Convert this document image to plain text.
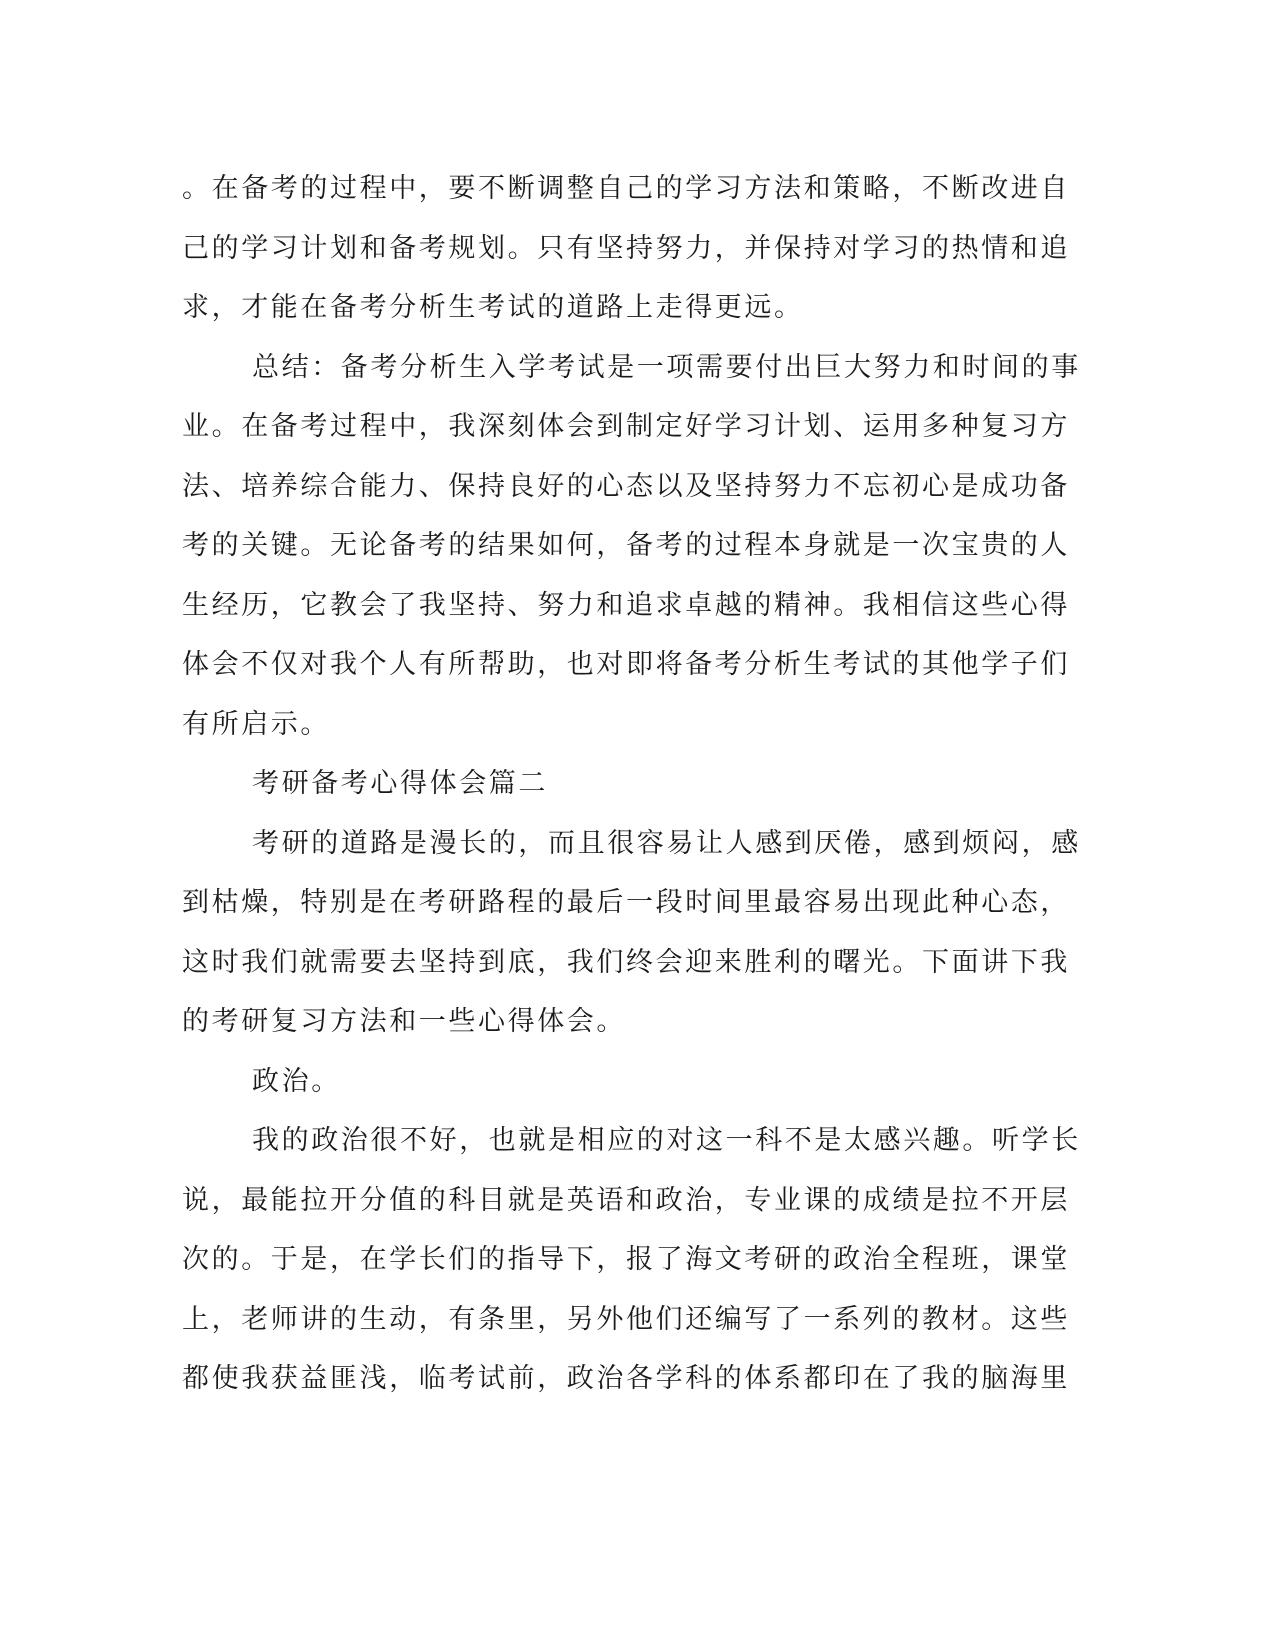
。在备考的过程中，要不断调整自己的学习方法和策略，不断改进自
己的学习计划和备考规划。只有坚持努力，并保持对学习的热情和追
求，才能在备考分析生考试的道路上走得更远。
总结：备考分析生入学考试是一项需要付出巨大努力和时间的事
业。在备考过程中，我深刻体会到制定好学习计划、运用多种复习方
法、培养综合能力、保持良好的心态以及坚持努力不忘初心是成功备
考的关键。无论备考的结果如何，备考的过程本身就是一次宝贵的人
生经历，它教会了我坚持、努力和追求卓越的精神。我相信这些心得
体会不仅对我个人有所帮助，也对即将备考分析生考试的其他学子们
有所启示。
考研备考心得体会篇二
考研的道路是漫长的，而且很容易让人感到厌倦，感到烦闷，感
到枯燥，特别是在考研路程的最后一段时间里最容易出现此种心态，
这时我们就需要去坚持到底，我们终会迎来胜利的曙光。下面讲下我
的考研复习方法和一些心得体会。
政治。
我的政治很不好，也就是相应的对这一科不是太感兴趣。听学长
说，最能拉开分值的科目就是英语和政治，专业课的成绩是拉不开层
次的。于是，在学长们的指导下，报了海文考研的政治全程班，课堂
上，老师讲的生动，有条里，另外他们还编写了一系列的教材。这些
都使我获益匪浅，临考试前，政治各学科的体系都印在了我的脑海里
